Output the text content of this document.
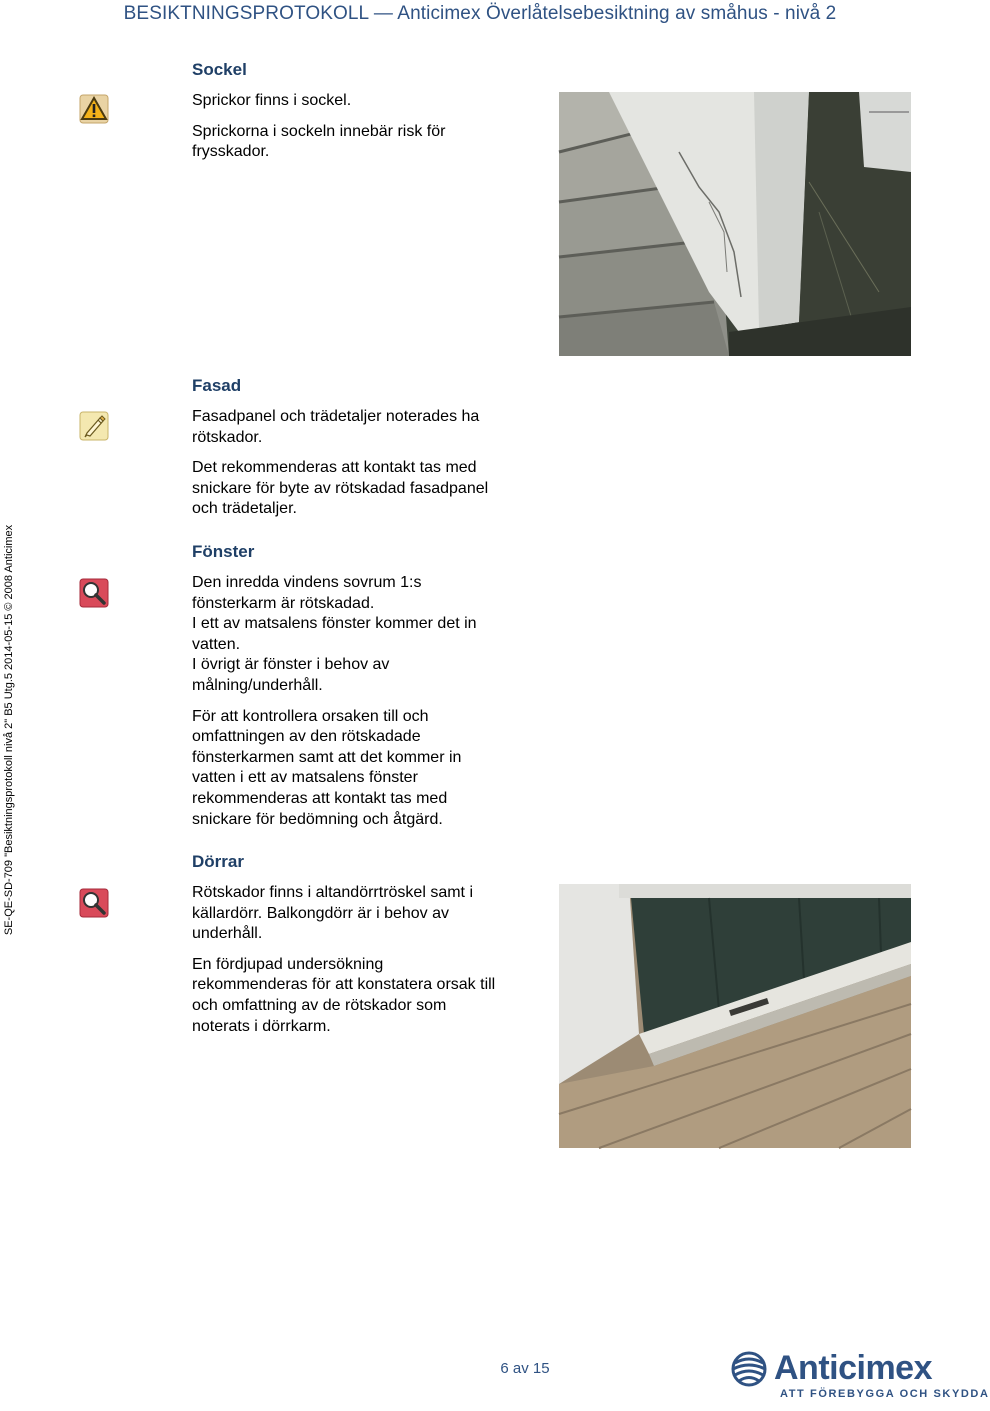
BESIKTNINGSPROTOKOLL — Anticimex Överlåtelsebesiktning av småhus - nivå 2
SE-QE-SD-709 "Besiktningsprotokoll nivå 2" B5 Utg.5 2014-05-15 © 2008 Anticimex
Sockel

Sprickor finns i sockel.

Sprickorna i sockeln innebär risk för

frysskador.

Fasad

Fasadpanel och trädetaljer noterades ha

rötskador.

Det rekommenderas att kontakt tas med

snickare för byte av rötskadad fasadpanel

och trädetaljer.

Fönster

Den inredda vindens sovrum 1:s

fönsterkarm är rötskadad.

I ett av matsalens fönster kommer det in

vatten.

I övrigt är fönster i behov av

målning/underhåll.

För att kontrollera orsaken till och

omfattningen av den rötskadade

fönsterkarmen samt att det kommer in

vatten i ett av matsalens fönster

rekommenderas att kontakt tas med

snickare för bedömning och åtgärd.

Dörrar

Rötskador finns i altandörrtröskel samt i

källardörr. Balkongdörr är i behov av

underhåll.

En fördjupad undersökning

rekommenderas för att konstatera orsak till

och omfattning av de rötskador som

noterats i dörrkarm.

6 av 15	Anticimex
ATT FÖREBYGGA OCH SKYDDA
